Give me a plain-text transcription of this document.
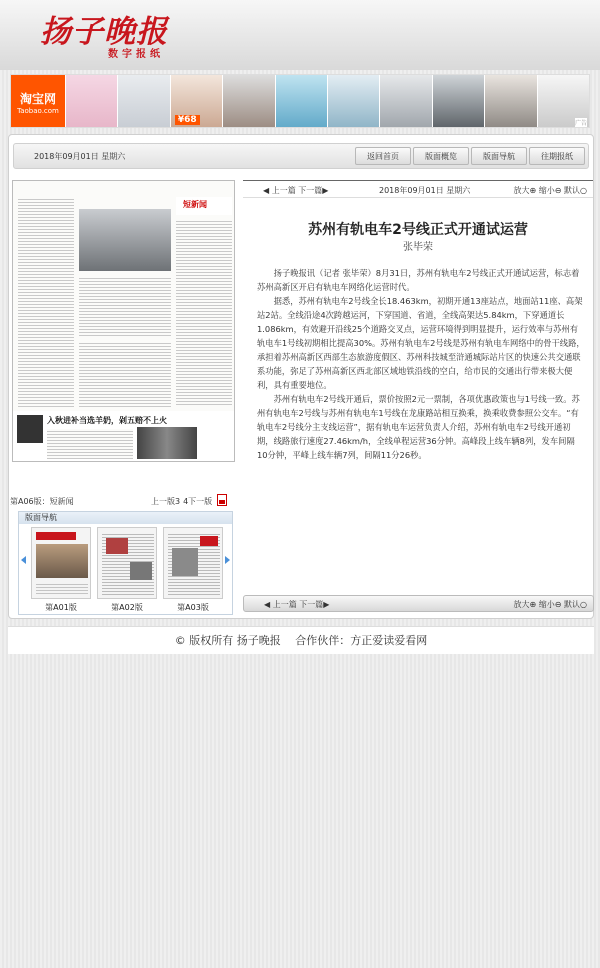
扬子晚报
数字报纸
淘宝网
Taobao.com
¥68	广告
2018年09月01日 星期六	返回首页	版面概览	版面导航	往期报纸
短新闻
入秋进补当选羊奶，剁五赔不上火
第A06版：短新闻	上一版3 4下一版
版面导航
第A01版	第A02版	第A03版
◀ 上一篇 下一篇▶	2018年09月01日 星期六	放大⊕ 缩小⊖ 默认○
苏州有轨电车2号线正式开通试运营
张毕荣

扬子晚报讯（记者 张毕荣）8月31日，苏州有轨电车2号线正式开通试运营，标志着苏州高新区开启有轨电车网络化运营时代。

据悉，苏州有轨电车2号线全长18.463km，初期开通13座站点，地面站11座、高架站2站。全线沿途4次跨越运河，下穿国道、省道，全线高架达5.84km，下穿通道长1.086km，有效避开沿线25个道路交叉点，运营环境得到明显提升，运行效率与苏州有轨电车1号线初期相比提高30%。苏州有轨电车2号线是苏州有轨电车网络中的骨干线路，承担着苏州高新区西部生态旅游度假区、苏州科技城至浒通城际站片区的快速公共交通联系功能，弥足了苏州高新区西北部区域地铁沿线的空白，给市民的交通出行带来极大便利，具有重要地位。

苏州有轨电车2号线开通后，票价按照2元一票制，各项优惠政策也与1号线一致。苏州有轨电车2号线与苏州有轨电车1号线在龙康路站相互换乘，换乘收费参照公交车。“有轨电车2号线分主支线运营”，据有轨电车运营负责人介绍，苏州有轨电车2号线开通初期，线路旅行速度27.46km/h，全线单程运营36分钟。高峰段上线车辆8列，发车间隔10分钟，平峰上线车辆7列，间隔11分26秒。

◀ 上一篇 下一篇▶	放大⊕ 缩小⊖ 默认○
© 版权所有 扬子晚报　 合作伙伴：方正爱读爱看网
